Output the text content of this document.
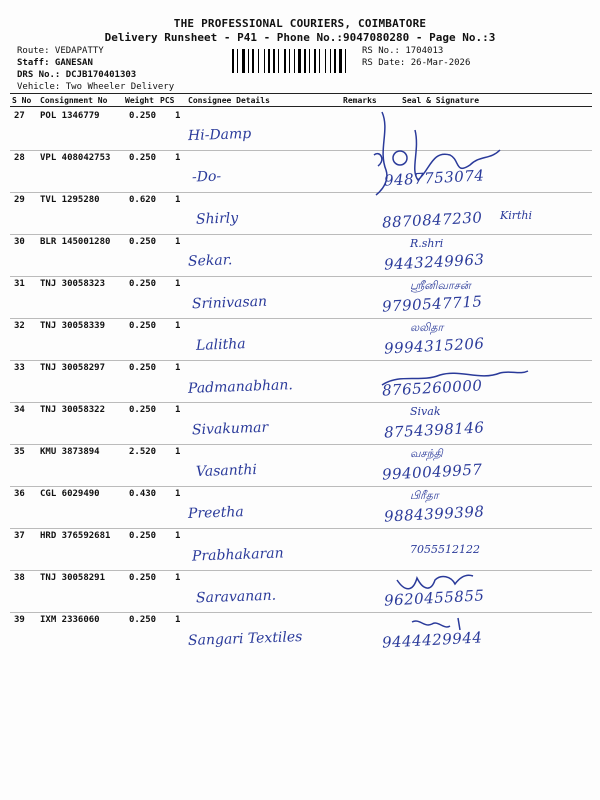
THE PROFESSIONAL COURIERS, COIMBATORE
Delivery Runsheet - P41 - Phone No.:9047080280 - Page No.:3
Route: VEDAPATTY
Staff: GANESAN
DRS No.: DCJB170401303
Vehicle: Two Wheeler Delivery
RS No.: 1704013
RS Date: 26-Mar-2026
S No Consignment No Weight PCS Consignee Details	Remarks	Seal & Signature
27 POL 1346779	0.250 1
Hi-Damp
28 VPL 408042753 0.250 1
-Do-	9487753074
29 TVL 1295280	0.620 1
Shirly	8870847230 Kirthi
30 BLR 145001280 0.250 1
Sekar.	9443249963
R.shri
31 TNJ 30058323	0.250 1
Srinivasan	9790547715
ஸ்ரீனிவாசன்
32 TNJ 30058339	0.250 1
Lalitha	9994315206
லலிதா
33 TNJ 30058297	0.250 1
Padmanabhan.	8765260000
34 TNJ 30058322	0.250 1
Sivakumar	8754398146
Sivak
35 KMU 3873894	2.520 1
Vasanthi	9940049957
வசந்தி
36 CGL 6029490	0.430 1
Preetha	9884399398
பிரீதா
37 HRD 376592681 0.250 1
Prabhakaran	7055512122
38 TNJ 30058291	0.250 1
Saravanan.	9620455855
39 IXM 2336060	0.250 1
Sangari Textiles	9444429944
